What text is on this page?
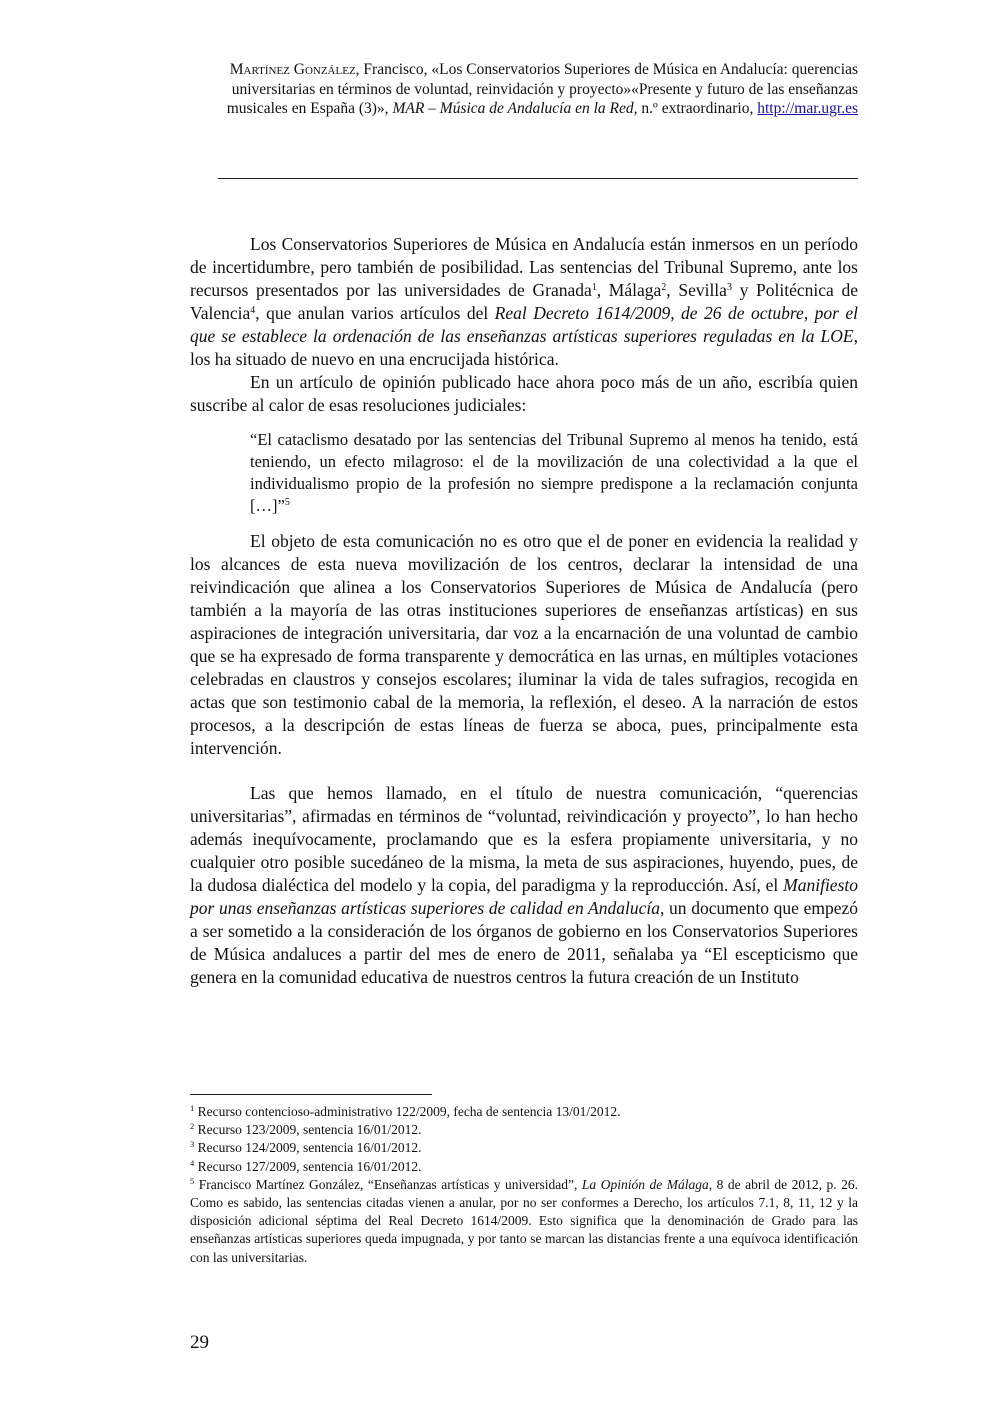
Martínez González, Francisco, «Los Conservatorios Superiores de Música en Andalucía: querencias universitarias en términos de voluntad, reinvidación y proyecto»«Presente y futuro de las enseñanzas musicales en España (3)», MAR – Música de Andalucía en la Red, n.º extraordinario, http://mar.ugr.es

Los Conservatorios Superiores de Música en Andalucía están inmersos en un período de incertidumbre, pero también de posibilidad. Las sentencias del Tribunal Supremo, ante los recursos presentados por las universidades de Granada$^1$, Málaga$^2$, Sevilla$^3$ y Politécnica de Valencia$^4$, que anulan varios artículos del Real Decreto 1614/2009, de 26 de octubre, por el que se establece la ordenación de las enseñanzas artísticas superiores reguladas en la LOE, los ha situado de nuevo en una encrucijada histórica.

En un artículo de opinión publicado hace ahora poco más de un año, escribía quien suscribe al calor de esas resoluciones judiciales:

“El cataclismo desatado por las sentencias del Tribunal Supremo al menos ha tenido, está teniendo, un efecto milagroso: el de la movilización de una colectividad a la que el individualismo propio de la profesión no siempre predispone a la reclamación conjunta […]”$^5$

El objeto de esta comunicación no es otro que el de poner en evidencia la realidad y los alcances de esta nueva movilización de los centros, declarar la intensidad de una reivindicación que alinea a los Conservatorios Superiores de Música de Andalucía (pero también a la mayoría de las otras instituciones superiores de enseñanzas artísticas) en sus aspiraciones de integración universitaria, dar voz a la encarnación de una voluntad de cambio que se ha expresado de forma transparente y democrática en las urnas, en múltiples votaciones celebradas en claustros y consejos escolares; iluminar la vida de tales sufragios, recogida en actas que son testimonio cabal de la memoria, la reflexión, el deseo. A la narración de estos procesos, a la descripción de estas líneas de fuerza se aboca, pues, principalmente esta intervención.

Las que hemos llamado, en el título de nuestra comunicación, “querencias universitarias”, afirmadas en términos de “voluntad, reivindicación y proyecto”, lo han hecho además inequívocamente, proclamando que es la esfera propiamente universitaria, y no cualquier otro posible sucedáneo de la misma, la meta de sus aspiraciones, huyendo, pues, de la dudosa dialéctica del modelo y la copia, del paradigma y la reproducción. Así, el Manifiesto por unas enseñanzas artísticas superiores de calidad en Andalucía, un documento que empezó a ser sometido a la consideración de los órganos de gobierno en los Conservatorios Superiores de Música andaluces a partir del mes de enero de 2011, señalaba ya “El escepticismo que genera en la comunidad educativa de nuestros centros la futura creación de un Instituto

$^1$ Recurso contencioso-administrativo 122/2009, fecha de sentencia 13/01/2012.
$^2$ Recurso 123/2009, sentencia 16/01/2012.
$^3$ Recurso 124/2009, sentencia 16/01/2012.
$^4$ Recurso 127/2009, sentencia 16/01/2012.
$^5$ Francisco Martínez González, “Enseñanzas artísticas y universidad”, La Opinión de Málaga, 8 de abril de 2012, p. 26. Como es sabido, las sentencias citadas vienen a anular, por no ser conformes a Derecho, los artículos 7.1, 8, 11, 12 y la disposición adicional séptima del Real Decreto 1614/2009. Esto significa que la denominación de Grado para las enseñanzas artísticas superiores queda impugnada, y por tanto se marcan las distancias frente a una equívoca identificación con las universitarias.
29
